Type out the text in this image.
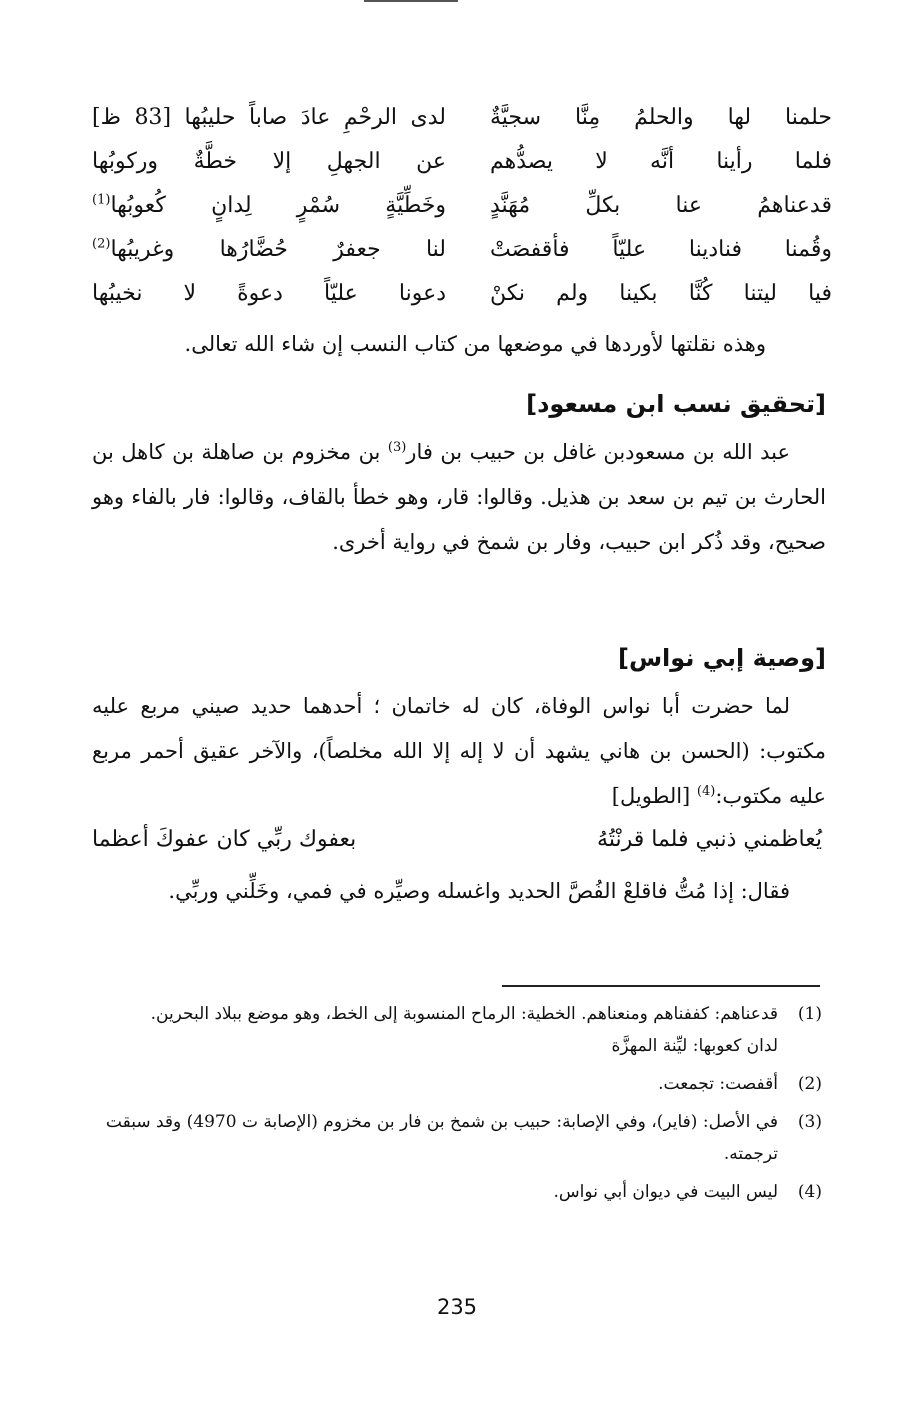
حلمنا لها والحلمُ مِنَّا سجيَّةٌ
لدى الرحْمِ عادَ صاباً حليبُها [83 ظ]
فلما رأينا أنَّه لا يصدُّهم
عن الجهلِ إلا خطَّةٌ وركوبُها
قدعناهمُ عنا بكلِّ مُهَنَّدٍ
وخَطِّيَّةٍ سُمْرٍ لِدانٍ كُعوبُها$^{(1)}$
وقُمنا فنادينا عليّاً فأقفصَتْ
لنا جعفرٌ حُضَّارُها وغريبُها$^{(2)}$
فيا ليتنا كُنَّا بكينا ولم نكنْ
دعونا عليّاً دعوةً لا نخيبُها
وهذه نقلتها لأوردها في موضعها من كتاب النسب إن شاء الله تعالى.
[تحقيق نسب ابن مسعود]
عبد الله بن مسعودبن غافل بن حبيب بن فار$^{(3)}$ بن مخزوم بن صاهلة بن كاهل بن الحارث بن تيم بن سعد بن هذيل. وقالوا: قار، وهو خطأ بالقاف، وقالوا: فار بالفاء وهو صحيح، وقد ذُكر ابن حبيب، وفار بن شمخ في رواية أخرى.
[وصية إبي نواس]
لما حضرت أبا نواس الوفاة، كان له خاتمان ؛ أحدهما حديد صيني مربع عليه مكتوب: (الحسن بن هاني يشهد أن لا إله إلا الله مخلصاً)، والآخر عقيق أحمر مربع عليه مكتوب:$^{(4)}$ [الطويل]
يُعاظمني ذنبي فلما قرنْتُهُ
بعفوك ربِّي كان عفوكَ أعظما
فقال: إذا مُتُّ فاقلعْ الفُصَّ الحديد واغسله وصيِّره في فمي، وخَلِّني وربِّي.
(1)
قدعناهم: كففناهم ومنعناهم. الخطية: الرماح المنسوبة إلى الخط، وهو موضع ببلاد البحرين.
لدان كعوبها: ليِّنة المهزَّة
(2)
أقفصت: تجمعت.
(3)
في الأصل: (فاير)، وفي الإصابة: حبيب بن شمخ بن فار بن مخزوم (الإصابة ت 4970) وقد سبقت ترجمته.
(4)
ليس البيت في ديوان أبي نواس.
235
